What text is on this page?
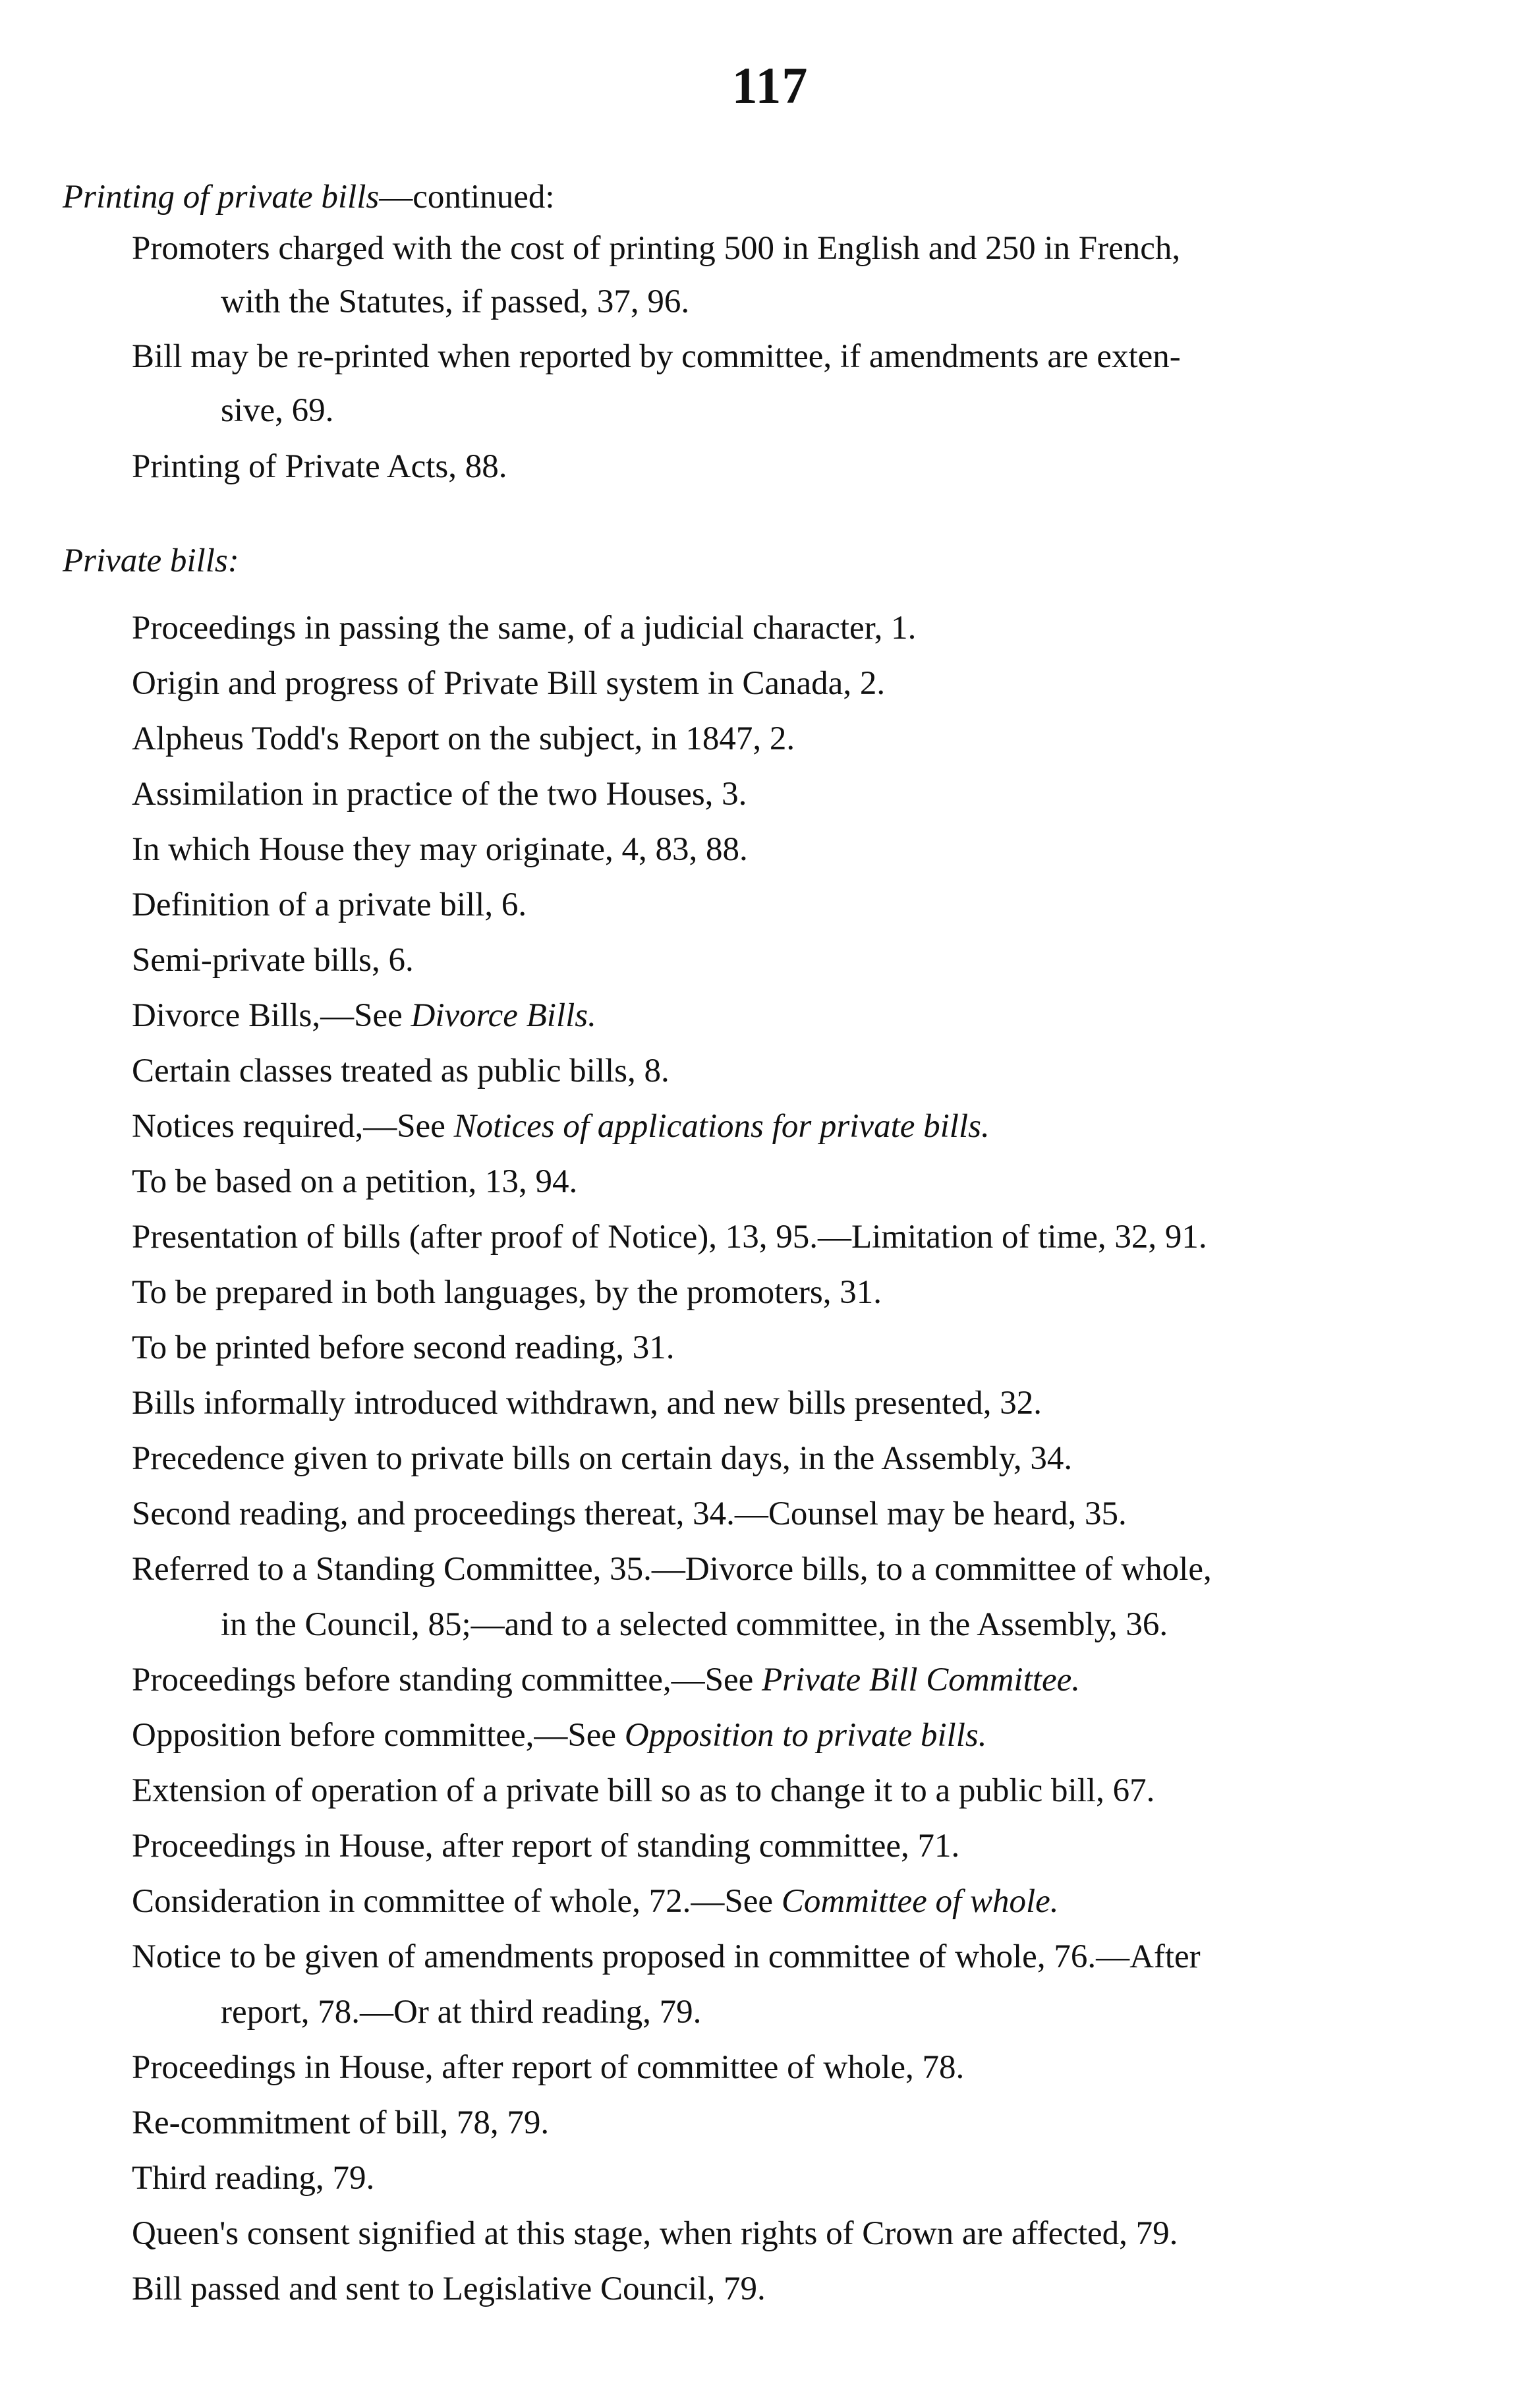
117
Printing of private bills—continued:
Promoters charged with the cost of printing 500 in English and 250 in French,
with the Statutes, if passed, 37, 96.
Bill may be re-printed when reported by committee, if amendments are exten-
sive, 69.
Printing of Private Acts, 88.
Private bills:
Proceedings in passing the same, of a judicial character, 1.
Origin and progress of Private Bill system in Canada, 2.
Alpheus Todd's Report on the subject, in 1847, 2.
Assimilation in practice of the two Houses, 3.
In which House they may originate, 4, 83, 88.
Definition of a private bill, 6.
Semi-private bills, 6.
Divorce Bills,—See Divorce Bills.
Certain classes treated as public bills, 8.
Notices required,—See Notices of applications for private bills.
To be based on a petition, 13, 94.
Presentation of bills (after proof of Notice), 13, 95.—Limitation of time, 32, 91.
To be prepared in both languages, by the promoters, 31.
To be printed before second reading, 31.
Bills informally introduced withdrawn, and new bills presented, 32.
Precedence given to private bills on certain days, in the Assembly, 34.
Second reading, and proceedings thereat, 34.—Counsel may be heard, 35.
Referred to a Standing Committee, 35.—Divorce bills, to a committee of whole,
in the Council, 85;—and to a selected committee, in the Assembly, 36.
Proceedings before standing committee,—See Private Bill Committee.
Opposition before committee,—See Opposition to private bills.
Extension of operation of a private bill so as to change it to a public bill, 67.
Proceedings in House, after report of standing committee, 71.
Consideration in committee of whole, 72.—See Committee of whole.
Notice to be given of amendments proposed in committee of whole, 76.—After
report, 78.—Or at third reading, 79.
Proceedings in House, after report of committee of whole, 78.
Re-commitment of bill, 78, 79.
Third reading, 79.
Queen's consent signified at this stage, when rights of Crown are affected, 79.
Bill passed and sent to Legislative Council, 79.
